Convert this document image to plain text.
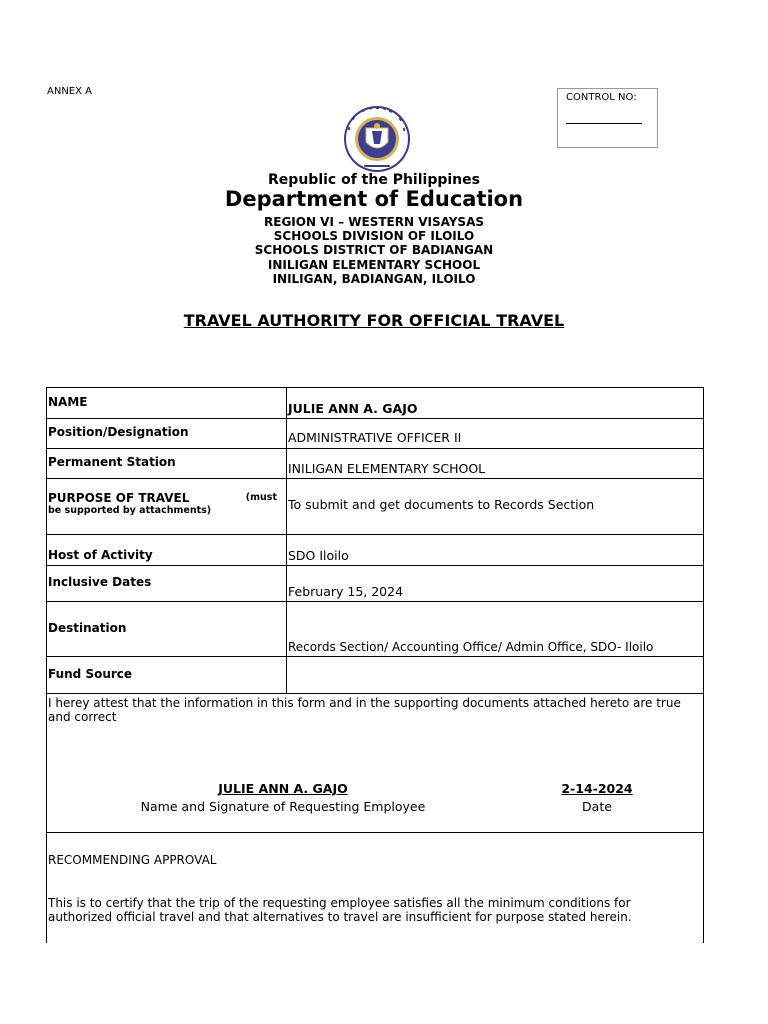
ANNEX A
CONTROL NO:
Republic of the Philippines
Department of Education
REGION VI – WESTERN VISAYSAS
SCHOOLS DIVISION OF ILOILO
SCHOOLS DISTRICT OF BADIANGAN
INILIGAN ELEMENTARY SCHOOL
INILIGAN, BADIANGAN, ILOILO
TRAVEL AUTHORITY FOR OFFICIAL TRAVEL
NAME	JULIE ANN A. GAJO
Position/Designation	ADMINISTRATIVE OFFICER II
Permanent Station	INILIGAN ELEMENTARY SCHOOL

PURPOSE OF TRAVEL (must
be supported by attachments)	To submit and get documents to Records Section
Host of Activity	SDO Iloilo
Inclusive Dates	February 15, 2024
Destination	Records Section/ Accounting Office/ Admin Office, SDO- Iloilo
Fund Source	
I herey attest that the information in this form and in the supporting documents attached hereto are true and correct
JULIE ANN A. GAJO
Name and Signature of Requesting Employee
2-14-2024
Date
RECOMMENDING APPROVAL
This is to certify that the trip of the requesting employee satisfies all the minimum conditions for authorized official travel and that alternatives to travel are insufficient for purpose stated herein.
